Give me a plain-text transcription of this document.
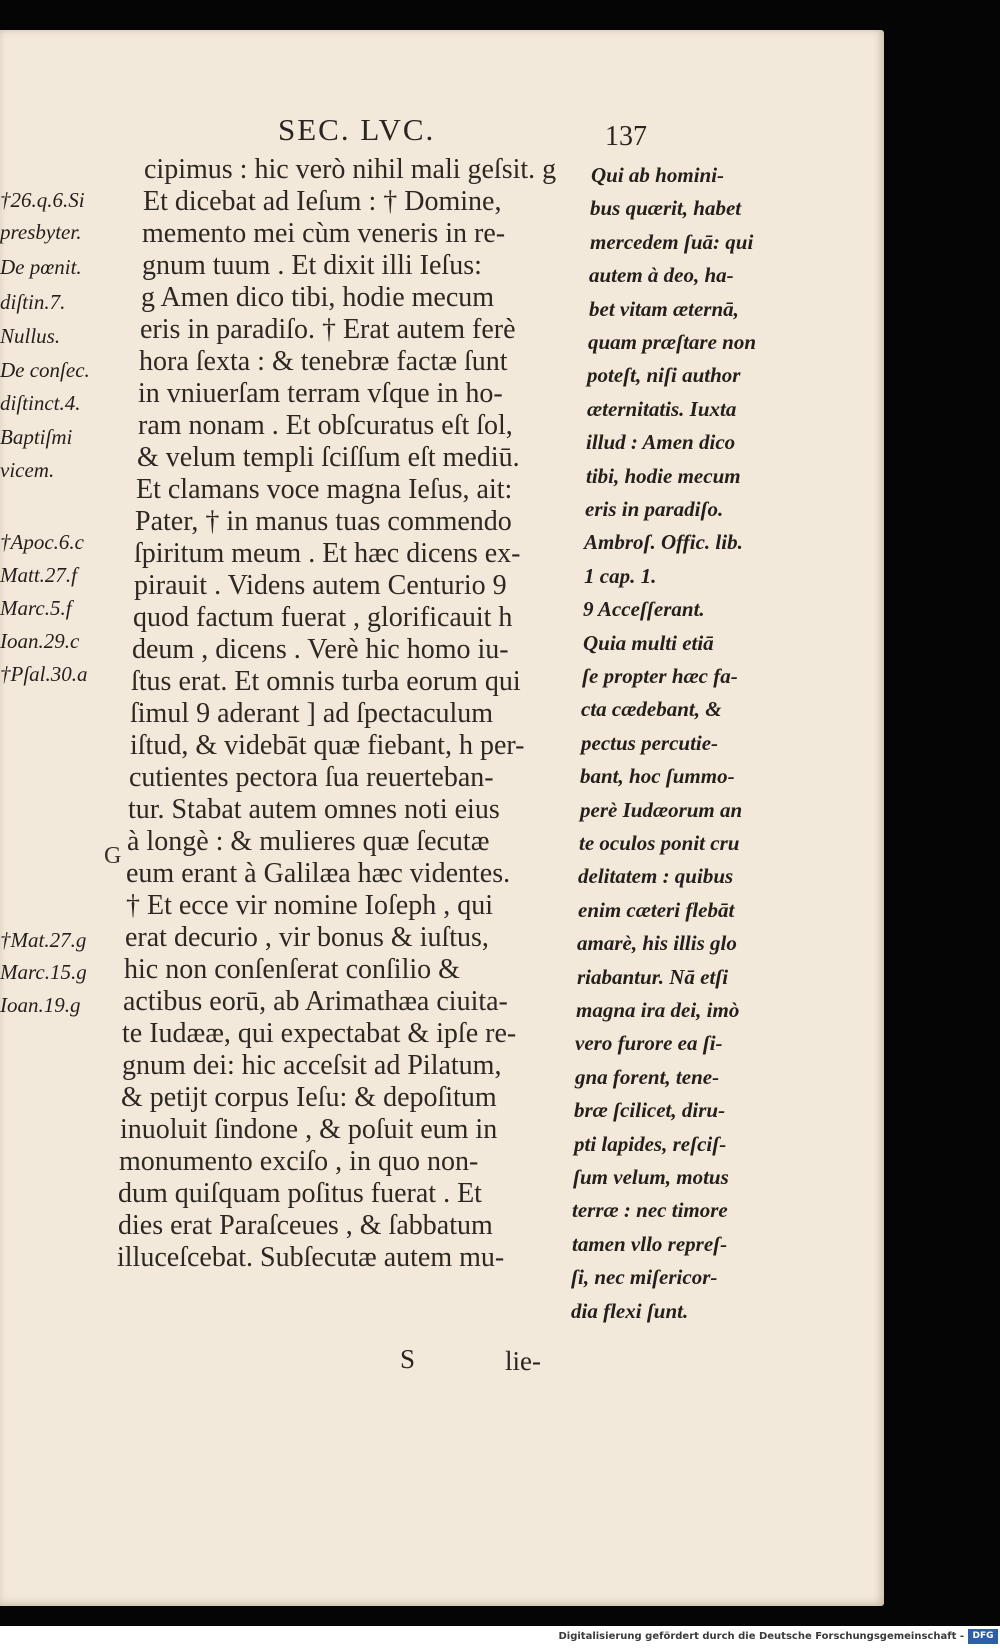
SEC. LVC.	137
cipimus : hic verò nihil mali geſsit. g
Et dicebat ad Ieſum : † Domine,
memento mei cùm veneris in re-
gnum tuum . Et dixit illi Ieſus:
g Amen dico tibi, hodie mecum
eris in paradiſo. † Erat autem ferè
hora ſexta : & tenebræ factæ ſunt
in vniuerſam terram vſque in ho-
ram nonam . Et obſcuratus eſt ſol,
& velum templi ſciſſum eſt mediū.
Et clamans voce magna Ieſus, ait:
Pater, † in manus tuas commendo
ſpiritum meum . Et hæc dicens ex-
pirauit . Videns autem Centurio 9
quod factum fuerat , glorificauit h
deum , dicens . Verè hic homo iu-
ſtus erat. Et omnis turba eorum qui
ſimul 9 aderant ] ad ſpectaculum
iſtud, & videbāt quæ fiebant, h per-
cutientes pectora ſua reuerteban-
tur. Stabat autem omnes noti eius
à longè : & mulieres quæ ſecutæ
eum erant à Galilæa hæc videntes.
† Et ecce vir nomine Ioſeph , qui
erat decurio , vir bonus & iuſtus,
hic non conſenſerat conſilio &
actibus eorū, ab Arimathæa ciuita-
te Iudææ, qui expectabat & ipſe re-
gnum dei: hic acceſsit ad Pilatum,
& petijt corpus Ieſu: & depoſitum
inuoluit ſindone , & poſuit eum in
monumento exciſo , in quo non-
dum quiſquam poſitus fuerat . Et
dies erat Paraſceues , & ſabbatum
illuceſcebat. Subſecutæ autem mu-
Qui ab homini-
bus quærit, habet
mercedem ſuā: qui
autem à deo, ha-
bet vitam æternā,
quam præſtare non
poteſt, niſi author
æternitatis. Iuxta
illud : Amen dico
tibi, hodie mecum
eris in paradiſo.
Ambroſ. Offic. lib.
1 cap. 1.
9 Acceſſerant.
Quia multi etiā
ſe propter hæc fa-
cta cædebant, &
pectus percutie-
bant, hoc ſummo-
perè Iudæorum an
te oculos ponit cru
delitatem : quibus
enim cæteri flebāt
amarè, his illis glo
riabantur. Nā etſi
magna ira dei, imò
vero furore ea ſi-
gna forent, tene-
bræ ſcilicet, diru-
pti lapides, reſciſ-
ſum velum, motus
terræ : nec timore
tamen vllo repreſ-
ſi, nec miſericor-
dia flexi ſunt.
†26.q.6.Si
presbyter.
De pœnit.
diſtin.7.
Nullus.
De conſec.
diſtinct.4.
Baptiſmi
vicem.
†Apoc.6.c
Matt.27.f
Marc.5.f
Ioan.29.c
†Pſal.30.a
†Mat.27.g
Marc.15.g
Ioan.19.g
G
S	lie-
Digitalisierung gefördert durch die Deutsche Forschungsgemeinschaft - DFG
